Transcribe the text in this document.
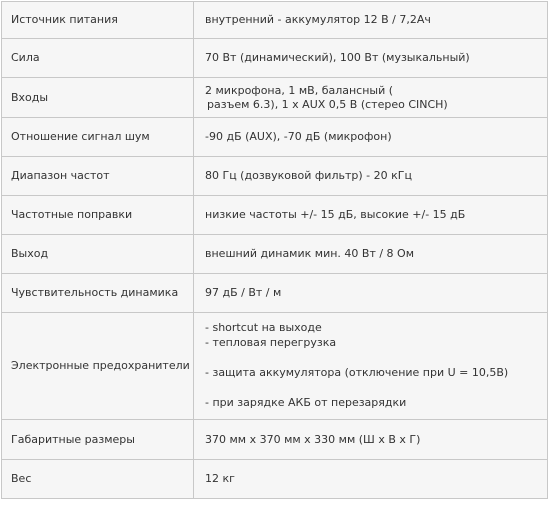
Источник питания	внутренний - аккумулятор 12 В / 7,2Ач

Сила	70 Вт (динамический), 100 Вт (музыкальный)

Входы	2 микрофона, 1 мВ, баланcный (
разъем 6.3), 1 x AUX 0,5 В (стерео CINCH)

Отношение сигнал шум	-90 дБ (AUX), -70 дБ (микрофон)

Диапазон частот	80 Гц (дозвуковой фильтр) - 20 кГц

Частотные поправки	низкие частоты +/- 15 дБ, высокие +/- 15 дБ

Выход	внешний динамик мин. 40 Вт / 8 Ом

Чувствительность динамика	97 дБ / Вт / м

Электронные предохранители	- shortcut на выходе
- тепловая перегрузка
- защита аккумулятора (отключение при U = 10,5В)
- при зарядке АКБ от перезарядки

Габаритные размеры	370 мм x 370 мм x 330 мм (Ш x В x Г)

Вес	12 кг
